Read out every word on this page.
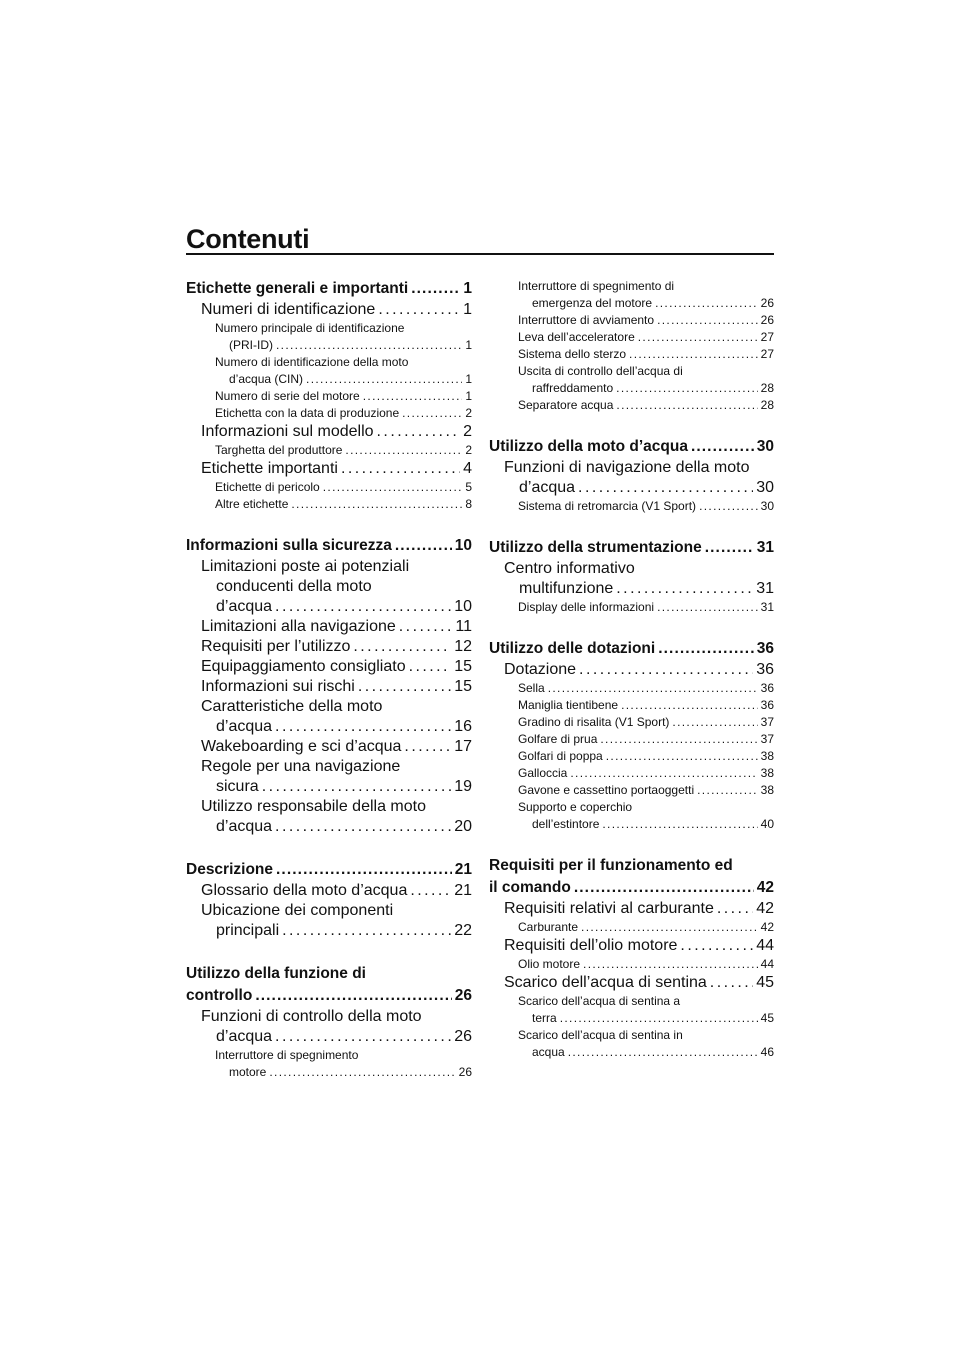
Contenuti
Etichette generali e importanti . . .	1
Numeri di identificazione . . .	1
Numero principale di identificazione
(PRI-ID) . . .	1
Numero di identificazione della moto
d’acqua (CIN) . . .	1
Numero di serie del motore . . .	1
Etichetta con la data di produzione . . .	2
Informazioni sul modello . . .	2
Targhetta del produttore . . .	2
Etichette importanti . . .	4
Etichette di pericolo . . .	5
Altre etichette . . .	8
Informazioni sulla sicurezza . . .	10
Limitazioni poste ai potenziali
conducenti della moto
d’acqua . . .	10
Limitazioni alla navigazione . . .	11
Requisiti per l’utilizzo . . .	12
Equipaggiamento consigliato . . .	15
Informazioni sui rischi . . .	15
Caratteristiche della moto
d’acqua . . .	16
Wakeboarding e sci d’acqua . . .	17
Regole per una navigazione
sicura . . .	19
Utilizzo responsabile della moto
d’acqua . . .	20
Descrizione . . .	21
Glossario della moto d’acqua . . .	21
Ubicazione dei componenti
principali . . .	22
Utilizzo della funzione di
controllo . . .	26
Funzioni di controllo della moto
d’acqua . . .	26
Interruttore di spegnimento
motore . . .	26
Interruttore di spegnimento di
emergenza del motore . . .	26
Interruttore di avviamento . . .	26
Leva dell’acceleratore . . .	27
Sistema dello sterzo . . .	27
Uscita di controllo dell’acqua di
raffreddamento . . .	28
Separatore acqua . . .	28
Utilizzo della moto d’acqua . . .	30
Funzioni di navigazione della moto
d’acqua . . .	30
Sistema di retromarcia (V1 Sport) . . .	30
Utilizzo della strumentazione . . .	31
Centro informativo
multifunzione . . .	31
Display delle informazioni . . .	31
Utilizzo delle dotazioni . . .	36
Dotazione . . .	36
Sella . . .	36
Maniglia tientibene . . .	36
Gradino di risalita (V1 Sport) . . .	37
Golfare di prua . . .	37
Golfari di poppa . . .	38
Galloccia . . .	38
Gavone e cassettino portaoggetti . . .	38
Supporto e coperchio
dell’estintore . . .	40
Requisiti per il funzionamento ed
il comando . . .	42
Requisiti relativi al carburante . . .	42
Carburante . . .	42
Requisiti dell’olio motore . . .	44
Olio motore . . .	44
Scarico dell’acqua di sentina . . .	45
Scarico dell’acqua di sentina a
terra . . .	45
Scarico dell’acqua di sentina in
acqua . . .	46
